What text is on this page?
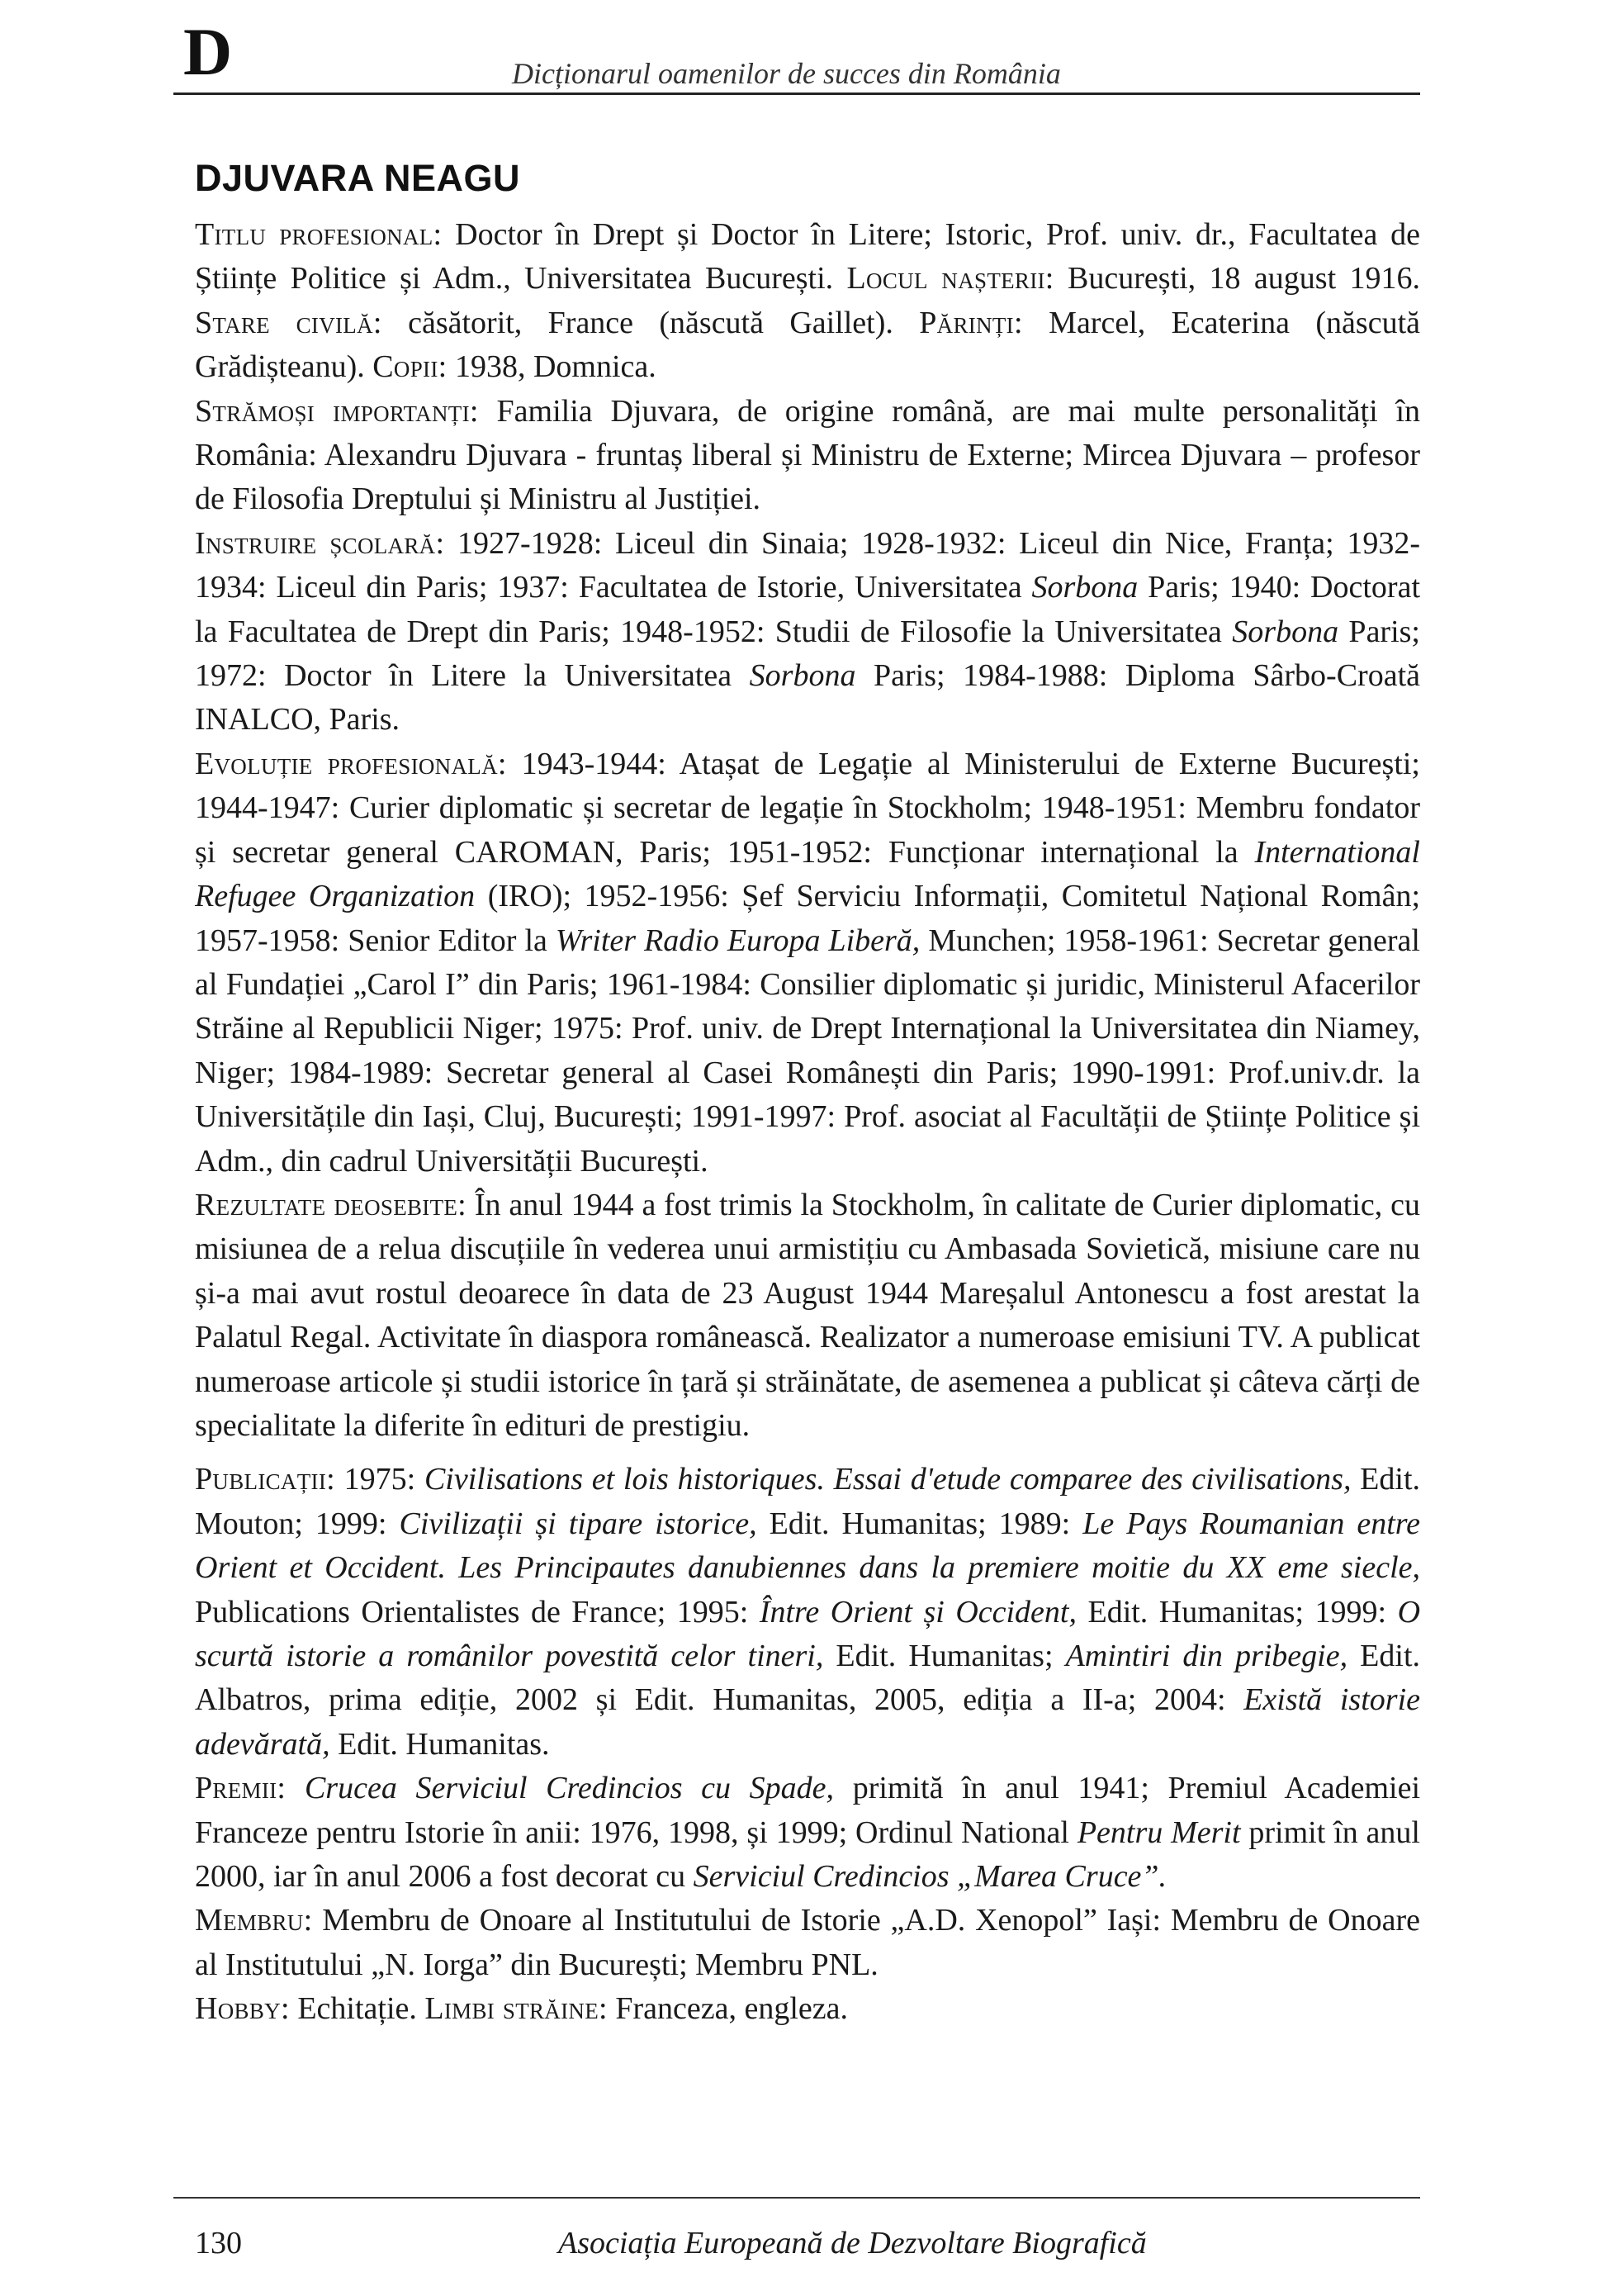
D	Dicționarul oamenilor de succes din România
DJUVARA NEAGU

Titlu profesional: Doctor în Drept și Doctor în Litere; Istoric, Prof. univ. dr., Facultatea de Științe Politice și Adm., Universitatea București. Locul nașterii: București, 18 august 1916. Stare civilă: căsătorit, France (născută Gaillet). Părinți: Marcel, Ecaterina (născută Grădișteanu). Copii: 1938, Domnica.

Strămoși importanți: Familia Djuvara, de origine română, are mai multe personalități în România: Alexandru Djuvara - fruntaș liberal și Ministru de Externe; Mircea Djuvara – profesor de Filosofia Dreptului și Ministru al Justiției.

Instruire școlară: 1927-1928: Liceul din Sinaia; 1928-1932: Liceul din Nice, Franța; 1932-1934: Liceul din Paris; 1937: Facultatea de Istorie, Universitatea Sorbona Paris; 1940: Doctorat la Facultatea de Drept din Paris; 1948-1952: Studii de Filosofie la Universitatea Sorbona Paris; 1972: Doctor în Litere la Universitatea Sorbona Paris; 1984-1988: Diploma Sârbo-Croată INALCO, Paris.

Evoluție profesională: 1943-1944: Atașat de Legație al Ministerului de Externe București; 1944-1947: Curier diplomatic și secretar de legație în Stockholm; 1948-1951: Membru fondator și secretar general CAROMAN, Paris; 1951-1952: Funcționar internațional la International Refugee Organization (IRO); 1952-1956: Șef Serviciu Informații, Comitetul Național Român; 1957-1958: Senior Editor la Writer Radio Europa Liberă, Munchen; 1958-1961: Secretar general al Fundației „Carol I” din Paris; 1961-1984: Consilier diplomatic și juridic, Ministerul Afacerilor Străine al Republicii Niger; 1975: Prof. univ. de Drept Internațional la Universitatea din Niamey, Niger; 1984-1989: Secretar general al Casei Românești din Paris; 1990-1991: Prof.univ.dr. la Universitățile din Iași, Cluj, București; 1991-1997: Prof. asociat al Facultății de Științe Politice și Adm., din cadrul Universității București.

Rezultate deosebite: În anul 1944 a fost trimis la Stockholm, în calitate de Curier diplomatic, cu misiunea de a relua discuțiile în vederea unui armistițiu cu Ambasada Sovietică, misiune care nu și-a mai avut rostul deoarece în data de 23 August 1944 Mareșalul Antonescu a fost arestat la Palatul Regal. Activitate în diaspora românească. Realizator a numeroase emisiuni TV. A publicat numeroase articole și studii istorice în țară și străinătate, de asemenea a publicat și câteva cărți de specialitate la diferite în edituri de prestigiu.

Publicații: 1975: Civilisations et lois historiques. Essai d'etude comparee des civilisations, Edit. Mouton; 1999: Civilizații și tipare istorice, Edit. Humanitas; 1989: Le Pays Roumanian entre Orient et Occident. Les Principautes danubiennes dans la premiere moitie du XX eme siecle, Publications Orientalistes de France; 1995: Între Orient și Occident, Edit. Humanitas; 1999: O scurtă istorie a românilor povestită celor tineri, Edit. Humanitas; Amintiri din pribegie, Edit. Albatros, prima ediție, 2002 și Edit. Humanitas, 2005, ediția a II-a; 2004: Există istorie adevărată, Edit. Humanitas.

Premii: Crucea Serviciul Credincios cu Spade, primită în anul 1941; Premiul Academiei Franceze pentru Istorie în anii: 1976, 1998, și 1999; Ordinul National Pentru Merit primit în anul 2000, iar în anul 2006 a fost decorat cu Serviciul Credincios „Marea Cruce”.

Membru: Membru de Onoare al Institutului de Istorie „A.D. Xenopol” Iași: Membru de Onoare al Institutului „N. Iorga” din București; Membru PNL.

Hobby: Echitație. Limbi străine: Franceza, engleza.

130	Asociația Europeană de Dezvoltare Biografică
